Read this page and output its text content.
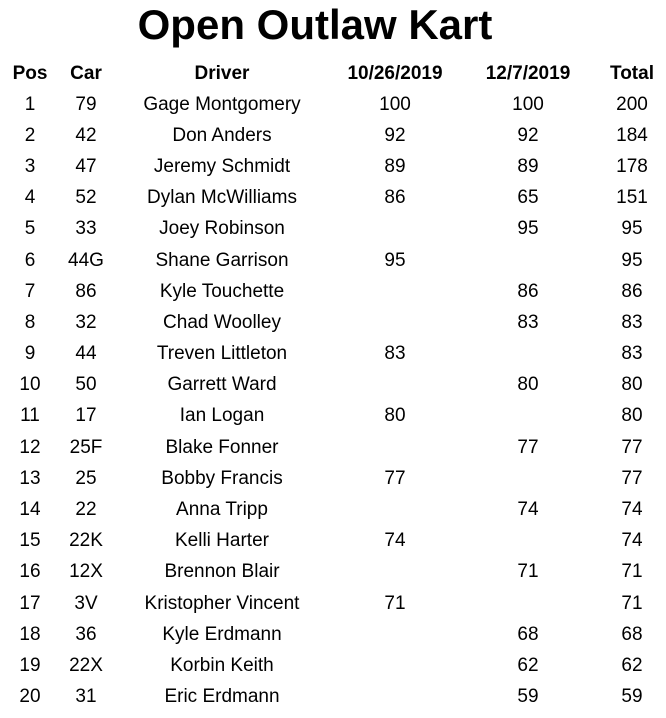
Open Outlaw Kart
Pos	Car	Driver	10/26/2019	12/7/2019	Total
1	79	Gage Montgomery	100	100	200
2	42	Don Anders	92	92	184
3	47	Jeremy Schmidt	89	89	178
4	52	Dylan McWilliams	86	65	151
5	33	Joey Robinson		95	95
6	44G	Shane Garrison	95		95
7	86	Kyle Touchette		86	86
8	32	Chad Woolley		83	83
9	44	Treven Littleton	83		83
10	50	Garrett Ward		80	80
11	17	Ian Logan	80		80
12	25F	Blake Fonner		77	77
13	25	Bobby Francis	77		77
14	22	Anna Tripp		74	74
15	22K	Kelli Harter	74		74
16	12X	Brennon Blair		71	71
17	3V	Kristopher Vincent	71		71
18	36	Kyle Erdmann		68	68
19	22X	Korbin Keith		62	62
20	31	Eric Erdmann		59	59
